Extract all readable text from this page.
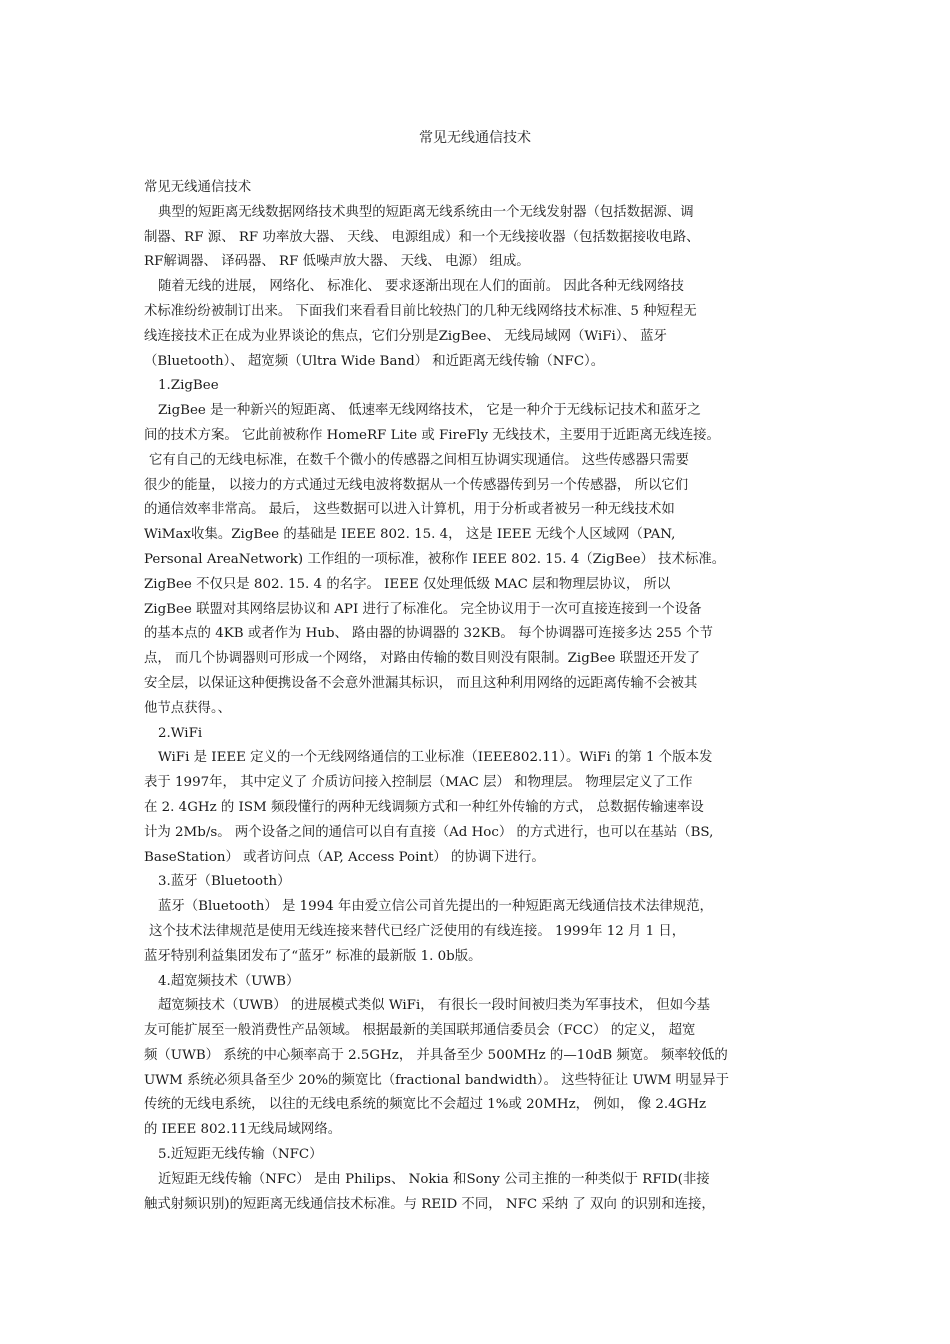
常见无线通信技术
常见无线通信技术
典型的短距离无线数据网络技术典型的短距离无线系统由一个无线发射器（包括数据源、调
制器、RF 源、 RF 功率放大器、 天线、 电源组成）和一个无线接收器（包括数据接收电路、
RF解调器、 译码器、 RF 低噪声放大器、 天线、 电源） 组成。
随着无线的进展， 网络化、 标准化、 要求逐渐出现在人们的面前。 因此各种无线网络技
术标准纷纷被制订出来。 下面我们来看看目前比较热门的几种无线网络技术标准、5 种短程无
线连接技术正在成为业界谈论的焦点，它们分别是ZigBee、 无线局域网（WiFi）、 蓝牙
（Bluetooth）、 超宽频（Ultra Wide Band） 和近距离无线传输（NFC）。
1.ZigBee
ZigBee 是一种新兴的短距离、 低速率无线网络技术， 它是一种介于无线标记技术和蓝牙之
间的技术方案。 它此前被称作 HomeRF Lite 或 FireFly 无线技术，主要用于近距离无线连接。
它有自己的无线电标准，在数千个微小的传感器之间相互协调实现通信。 这些传感器只需要
很少的能量， 以接力的方式通过无线电波将数据从一个传感器传到另一个传感器， 所以它们
的通信效率非常高。 最后， 这些数据可以进入计算机，用于分析或者被另一种无线技术如
WiMax收集。ZigBee 的基础是 IEEE 802. 15. 4， 这是 IEEE 无线个人区域网（PAN,
Personal AreaNetwork) 工作组的一项标准，被称作 IEEE 802. 15. 4（ZigBee） 技术标准。
ZigBee 不仅只是 802. 15. 4 的名字。 IEEE 仅处理低级 MAC 层和物理层协议， 所以
ZigBee 联盟对其网络层协议和 API 进行了标准化。 完全协议用于一次可直接连接到一个设备
的基本点的 4KB 或者作为 Hub、 路由器的协调器的 32KB。 每个协调器可连接多达 255 个节
点， 而几个协调器则可形成一个网络， 对路由传输的数目则没有限制。ZigBee 联盟还开发了
安全层，以保证这种便携设备不会意外泄漏其标识， 而且这种利用网络的远距离传输不会被其
他节点获得。、
2.WiFi
WiFi 是 IEEE 定义的一个无线网络通信的工业标准（IEEE802.11）。WiFi 的第 1 个版本发
表于 1997年， 其中定义了 介质访问接入控制层（MAC 层） 和物理层。 物理层定义了工作
在 2. 4GHz 的 ISM 频段懂行的两种无线调频方式和一种红外传输的方式， 总数据传输速率设
计为 2Mb/s。 两个设备之间的通信可以自有直接（Ad Hoc） 的方式进行，也可以在基站（BS,
BaseStation） 或者访问点（AP, Access Point） 的协调下进行。
3.蓝牙（Bluetooth）
蓝牙（Bluetooth） 是 1994 年由爱立信公司首先提出的一种短距离无线通信技术法律规范，
这个技术法律规范是使用无线连接来替代已经广泛使用的有线连接。 1999年 12 月 1 日，
蓝牙特别利益集团发布了“蓝牙” 标准的最新版 1. 0b版。
4.超宽频技术（UWB）
超宽频技术（UWB） 的进展模式类似 WiFi， 有很长一段时间被归类为军事技术， 但如今基
友可能扩展至一般消费性产品领域。 根据最新的美国联邦通信委员会（FCC） 的定义， 超宽
频（UWB） 系统的中心频率高于 2.5GHz， 并具备至少 500MHz 的—10dB 频宽。 频率较低的
UWM 系统必须具备至少 20%的频宽比（fractional bandwidth）。 这些特征让 UWM 明显异于
传统的无线电系统， 以往的无线电系统的频宽比不会超过 1%或 20MHz， 例如， 像 2.4GHz
的 IEEE 802.11无线局域网络。
5.近短距无线传输（NFC）
近短距无线传输（NFC） 是由 Philips、 Nokia 和Sony 公司主推的一种类似于 RFID(非接
触式射频识别)的短距离无线通信技术标准。与 REID 不同， NFC 采纳 了 双向 的识别和连接，
